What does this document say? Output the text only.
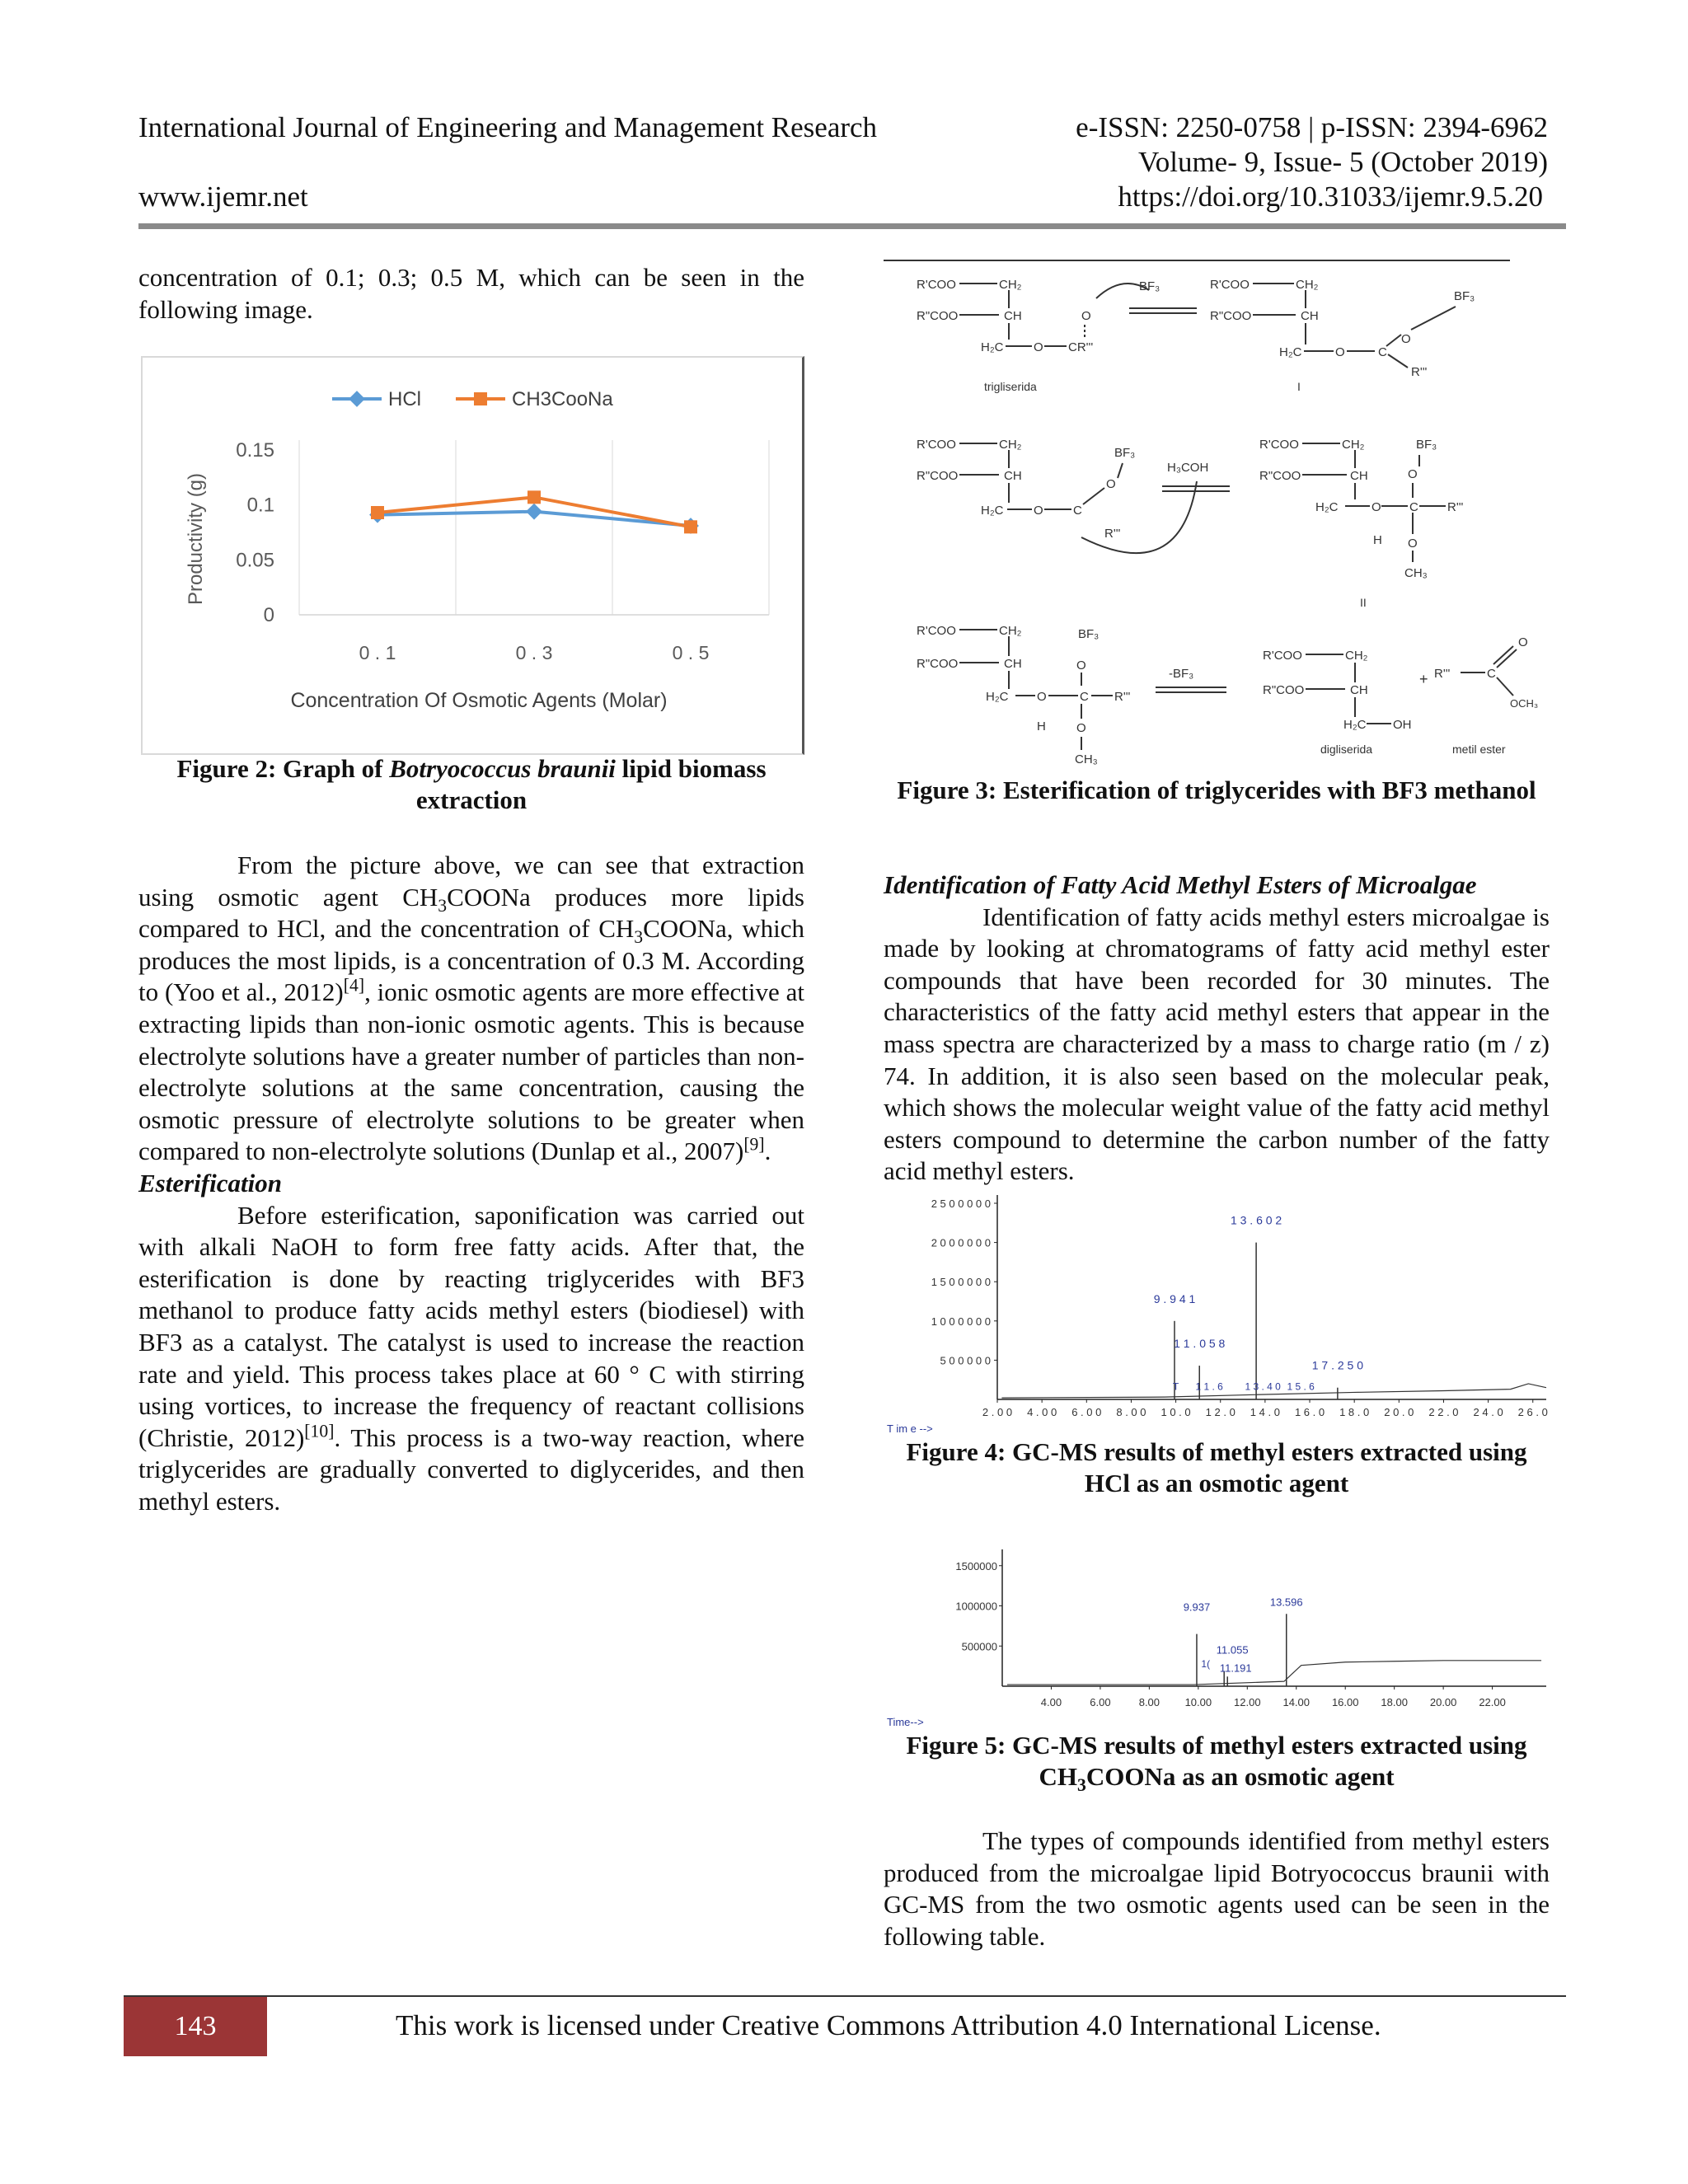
International Journal of Engineering and Management Research	e-ISSN: 2250-0758 | p-ISSN: 2394-6962
Volume- 9, Issue- 5 (October 2019)
www.ijemr.net	https://doi.org/10.31033/ijemr.9.5.20

concentration of 0.1; 0.3; 0.5 M, which can be seen in the following image.

0
0.05
0.1
0.15
0 . 1	0 . 3	0 . 5
HCl	CH3CooNa
Productivity (g)
Concentration Of Osmotic Agents (Molar)
Figure 2: Graph of Botryococcus braunii lipid biomass extraction

From the picture above, we can see that extraction using osmotic agent $CH_3COONa$ produces more lipids compared to HCl, and the concentration of $CH_3COONa$, which produces the most lipids, is a concentration of 0.3 M. According to (Yoo et al., 2012)[4], ionic osmotic agents are more effective at extracting lipids than non-ionic osmotic agents. This is because electrolyte solutions have a greater number of particles than non-electrolyte solutions at the same concentration, causing the osmotic pressure of electrolyte solutions to be greater when compared to non-electrolyte solutions (Dunlap et al., 2007)[9].

Esterification

Before esterification, saponification was carried out with alkali NaOH to form free fatty acids. After that, the esterification is done by reacting triglycerides with BF3 methanol to produce fatty acids methyl esters (biodiesel) with BF3 as a catalyst. The catalyst is used to increase the reaction rate and yield. This process takes place at 60 ° C with stirring using vortices, to increase the frequency of reactant collisions (Christie, 2012)[10]. This process is a two-way reaction, where triglycerides are gradually converted to diglycerides, and then methyl esters.

R'COO	CH₂
R"COO	CH
H₂C O CR'''
O
trigliserida
BF₃	R'COO	CH₂
R"COO	CH
H₂C	O	C
O
BF₃
R'''
I
R'COO	CH₂
R"COO	CH
H₂C O C
O
BF₃
R'''
H₃COH
R'COO	CH₂
R"COO	CH
H₂C	O C R'''
O
BF₃
O
H
CH₃
II
R'COO	CH₂
R"COO	CH
H₂C O	C R'''
O
BF₃
O
H
CH₃
-BF₃
R'COO	CH₂
R"COO	CH
H₂C OH
digliserida
+ R'''	C
O
OCH₃
metil ester
Figure 3: Esterification of triglycerides with BF3 methanol

Identification of Fatty Acid Methyl Esters of Microalgae

Identification of fatty acids methyl esters microalgae is made by looking at chromatograms of fatty acid methyl ester compounds that have been recorded for 30 minutes. The characteristics of the fatty acid methyl esters that appear in the mass spectra are characterized by a mass to charge ratio (m / z) 74. In addition, it is also seen based on the molecular peak, which shows the molecular weight value of the fatty acid methyl esters compound to determine the carbon number of the fatty acid methyl esters.

5 0 0 0 0 0
1 0 0 0 0 0 0
1 5 0 0 0 0 0
2 0 0 0 0 0 0
2 5 0 0 0 0 0
2 . 0 0 4 . 0 0 6 . 0 0 8 . 0 0 1 0 . 0 1 2 . 0 1 4 . 0 1 6 . 0 1 8 . 0 2 0 . 0 2 2 . 0 2 4 . 0 2 6 . 0
T im e -->
9 . 9 4 1
1 1 . 0 5 8
1 3 . 6 0 2
1 7 . 2 5 0
T 1 1 . 6 1 3 . 4 0 1 5 . 6
Figure 4: GC-MS results of methyl esters extracted using HCl as an osmotic agent
500000
1000000
1500000
4.00	6.00	8.00 10.00 12.00 14.00 16.00 18.00 20.00 22.00
Time-->
9.937
11.055
11.191
13.596
1(
Figure 5: GC-MS results of methyl esters extracted using $CH_3COONa$ as an osmotic agent

The types of compounds identified from methyl esters produced from the microalgae lipid Botryococcus braunii with GC-MS from the two osmotic agents used can be seen in the following table.

143	This work is licensed under Creative Commons Attribution 4.0 International License.
